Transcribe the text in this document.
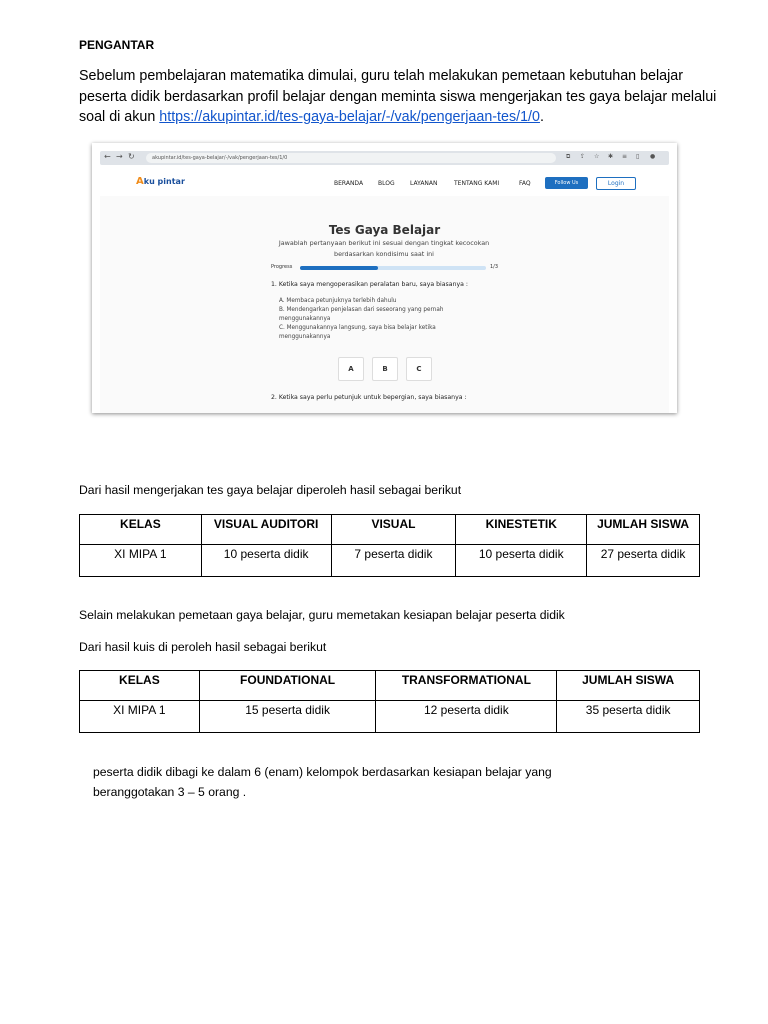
PENGANTAR

Sebelum pembelajaran matematika dimulai, guru telah melakukan pemetaan kebutuhan belajar peserta didik berdasarkan profil belajar dengan meminta siswa mengerjakan tes gaya belajar melalui soal di akun https://akupintar.id/tes-gaya-belajar/-/vak/pengerjaan-tes/1/0.

← → ↻	akupintar.id/tes-gaya-belajar/-/vak/pengerjaan-tes/1/0	⧉ ⇪ ☆ ✱ ≡ ▯ ●
Aku pintar	BERANDA BLOG	LAYANAN	TENTANG KAMI	FAQ	Follow Us	Login
Tes Gaya Belajar
Jawablah pertanyaan berikut ini sesuai dengan tingkat kecocokan berdasarkan kondisimu saat ini
Progress	1/3
1. Ketika saya mengoperasikan peralatan baru, saya biasanya :

A. Membaca petunjuknya terlebih dahulu

B. Mendengarkan penjelasan dari seseorang yang pernah menggunakannya

C. Menggunakannya langsung, saya bisa belajar ketika menggunakannya

A	B	C
2. Ketika saya perlu petunjuk untuk bepergian, saya biasanya :
Dari hasil mengerjakan tes gaya belajar diperoleh hasil sebagai berikut
KELAS	VISUAL AUDITORI	VISUAL	KINESTETIK	JUMLAH SISWA
XI MIPA 1	10 peserta didik	7 peserta didik	10 peserta didik	27 peserta didik
Selain melakukan pemetaan gaya belajar, guru memetakan kesiapan belajar peserta didik
Dari hasil kuis di peroleh hasil sebagai berikut
KELAS	FOUNDATIONAL	TRANSFORMATIONAL	JUMLAH SISWA
XI MIPA 1	15 peserta didik	12 peserta didik	35 peserta didik
peserta didik dibagi ke dalam 6 (enam) kelompok berdasarkan kesiapan belajar yang beranggotakan 3 – 5 orang .
